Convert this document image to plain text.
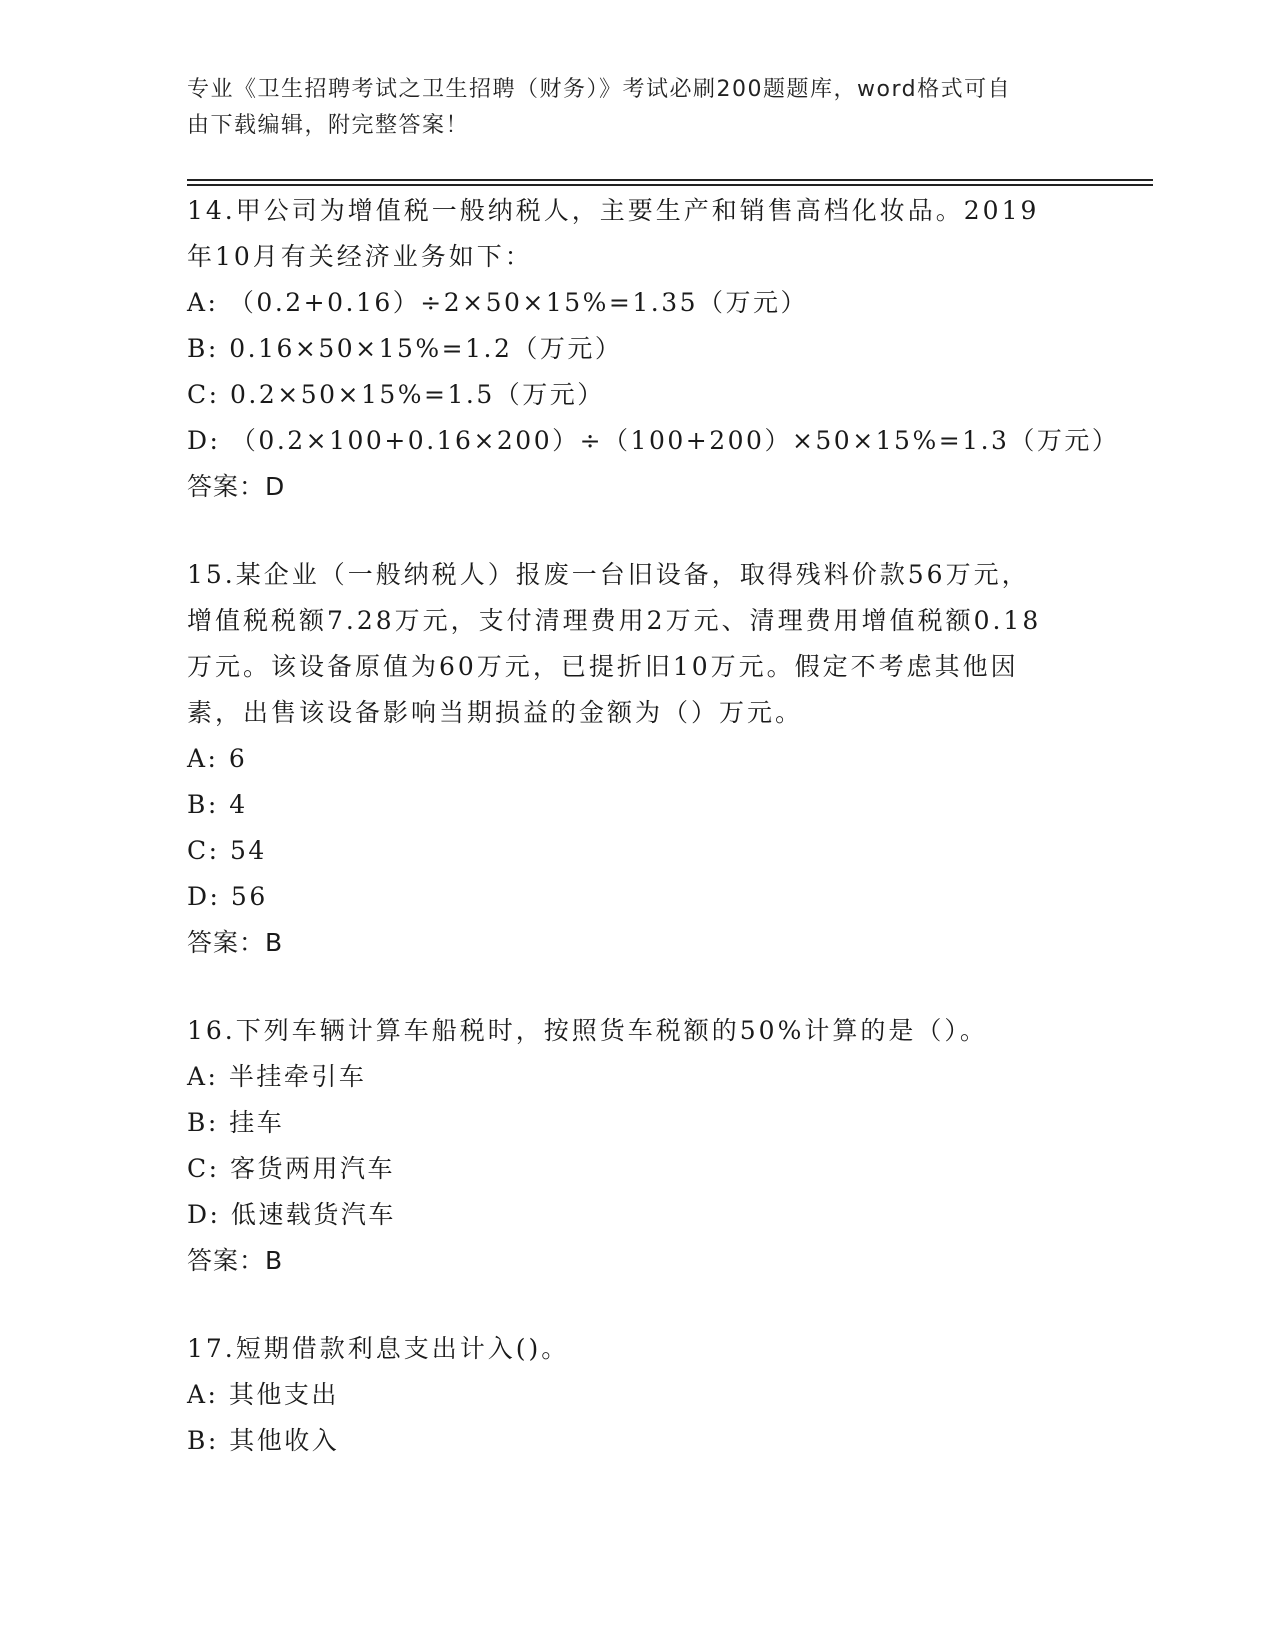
专业《卫生招聘考试之卫生招聘（财务）》考试必刷200题题库，word格式可自
由下载编辑，附完整答案！
14.甲公司为增值税一般纳税人，主要生产和销售高档化妆品。2019
年10月有关经济业务如下：
A: （0.2+0.16）÷2×50×15%=1.35（万元）
B: 0.16×50×15%=1.2（万元）
C: 0.2×50×15%=1.5（万元）
D: （0.2×100+0.16×200）÷（100+200）×50×15%=1.3（万元）
答案：D
15.某企业（一般纳税人）报废一台旧设备，取得残料价款56万元，
增值税税额7.28万元，支付清理费用2万元、清理费用增值税额0.18
万元。该设备原值为60万元，已提折旧10万元。假定不考虑其他因
素，出售该设备影响当期损益的金额为（）万元。
A: 6
B: 4
C: 54
D: 56
答案：B
16.下列车辆计算车船税时，按照货车税额的50%计算的是（）。
A: 半挂牵引车
B: 挂车
C: 客货两用汽车
D: 低速载货汽车
答案：B
17.短期借款利息支出计入()。
A: 其他支出
B: 其他收入
